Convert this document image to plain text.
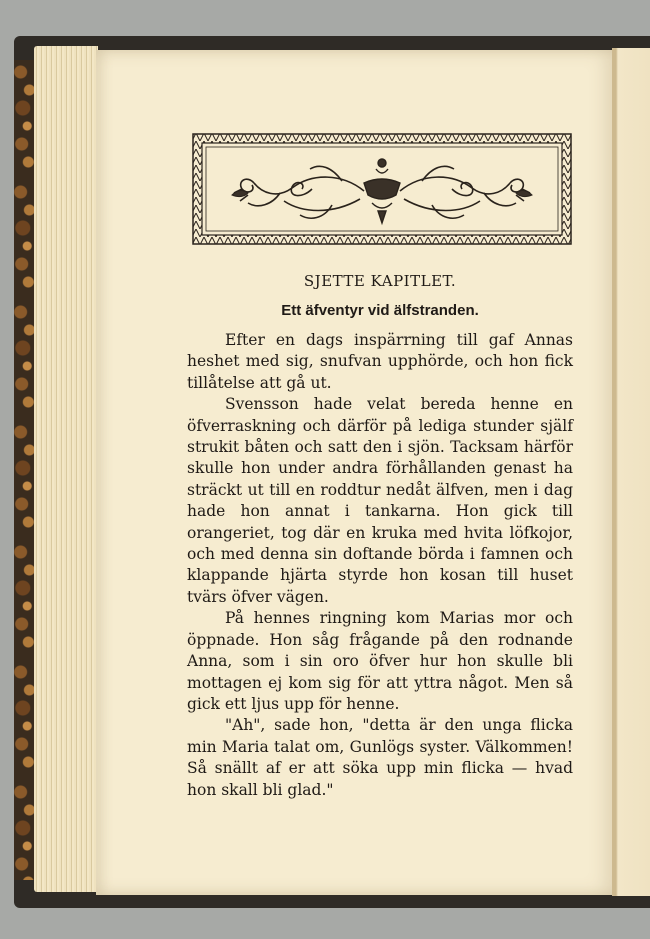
SJETTE KAPITLET.
Ett äfventyr vid älfstranden.

Efter en dags inspärrning till gaf Annas heshet med sig, snufvan upphörde, och hon fick tillåtelse att gå ut.

Svensson hade velat bereda henne en öfverraskning och därför på lediga stunder själf strukit båten och satt den i sjön. Tacksam härför skulle hon under andra förhållanden genast ha sträckt ut till en roddtur nedåt älfven, men i dag hade hon annat i tankarna. Hon gick till orangeriet, tog där en kruka med hvita löfkojor, och med denna sin doftande börda i famnen och klappande hjärta styrde hon kosan till huset tvärs öfver vägen.

På hennes ringning kom Marias mor och öppnade. Hon såg frågande på den rodnande Anna, som i sin oro öfver hur hon skulle bli mottagen ej kom sig för att yttra något. Men så gick ett ljus upp för henne.

"Ah", sade hon, "detta är den unga flicka min Maria talat om, Gunlögs syster. Välkommen! Så snällt af er att söka upp min flicka — hvad hon skall bli glad."
